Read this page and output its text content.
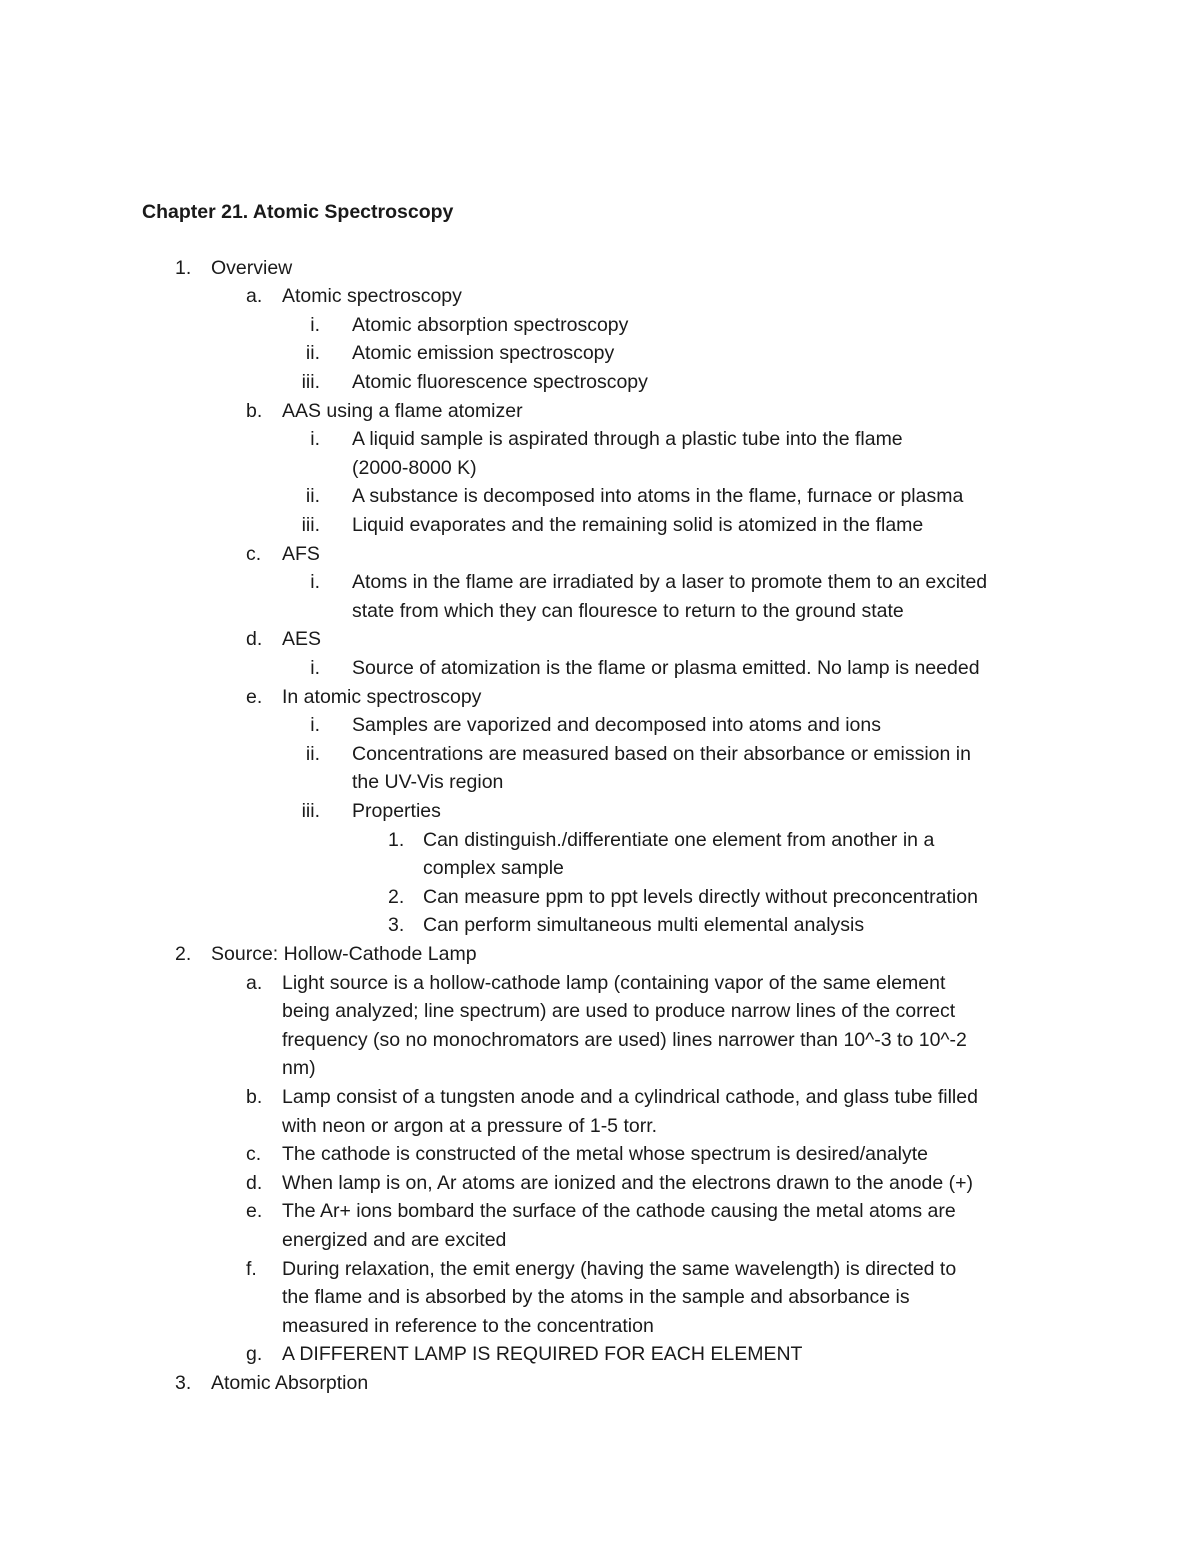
Chapter 21. Atomic Spectroscopy
1. Overview
a. Atomic spectroscopy
i. Atomic absorption spectroscopy
ii. Atomic emission spectroscopy
iii. Atomic fluorescence spectroscopy
b. AAS using a flame atomizer
i. A liquid sample is aspirated through a plastic tube into the flame
(2000-8000 K)
ii. A substance is decomposed into atoms in the flame, furnace or plasma
iii. Liquid evaporates and the remaining solid is atomized in the flame
c. AFS
i. Atoms in the flame are irradiated by a laser to promote them to an excited
state from which they can flouresce to return to the ground state
d. AES
i. Source of atomization is the flame or plasma emitted. No lamp is needed
e. In atomic spectroscopy
i. Samples are vaporized and decomposed into atoms and ions
ii. Concentrations are measured based on their absorbance or emission in
the UV-Vis region
iii. Properties
1. Can distinguish./differentiate one element from another in a
complex sample
2. Can measure ppm to ppt levels directly without preconcentration
3. Can perform simultaneous multi elemental analysis
2. Source: Hollow-Cathode Lamp
a. Light source is a hollow-cathode lamp (containing vapor of the same element
being analyzed; line spectrum) are used to produce narrow lines of the correct
frequency (so no monochromators are used) lines narrower than 10^-3 to 10^-2
nm)
b. Lamp consist of a tungsten anode and a cylindrical cathode, and glass tube filled
with neon or argon at a pressure of 1-5 torr.
c. The cathode is constructed of the metal whose spectrum is desired/analyte
d. When lamp is on, Ar atoms are ionized and the electrons drawn to the anode (+)
e. The Ar+ ions bombard the surface of the cathode causing the metal atoms are
energized and are excited
f. During relaxation, the emit energy (having the same wavelength) is directed to
the flame and is absorbed by the atoms in the sample and absorbance is
measured in reference to the concentration
g. A DIFFERENT LAMP IS REQUIRED FOR EACH ELEMENT
3. Atomic Absorption
